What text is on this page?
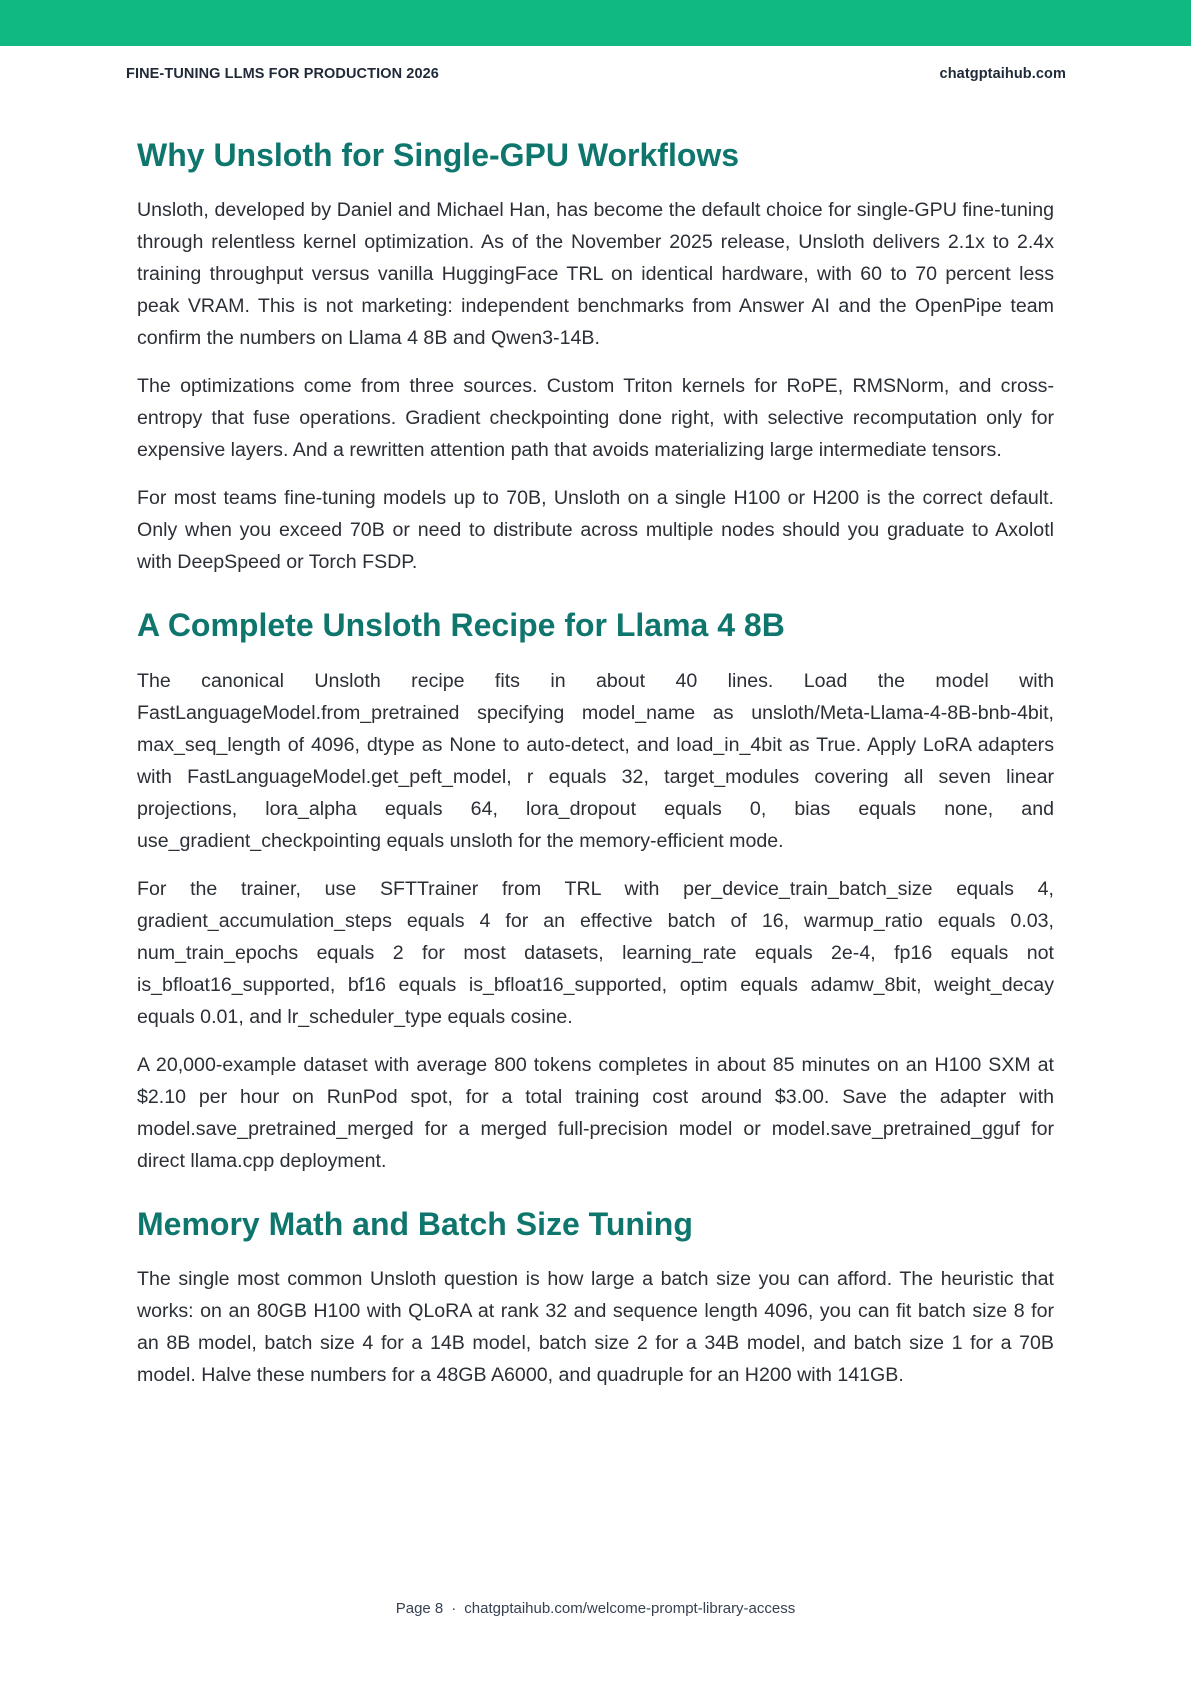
FINE-TUNING LLMS FOR PRODUCTION 2026	chatgptaihub.com
Why Unsloth for Single-GPU Workflows

Unsloth, developed by Daniel and Michael Han, has become the default choice for single-GPU fine-tuning through relentless kernel optimization. As of the November 2025 release, Unsloth delivers 2.1x to 2.4x training throughput versus vanilla HuggingFace TRL on identical hardware, with 60 to 70 percent less peak VRAM. This is not marketing: independent benchmarks from Answer AI and the OpenPipe team confirm the numbers on Llama 4 8B and Qwen3-14B.

The optimizations come from three sources. Custom Triton kernels for RoPE, RMSNorm, and cross-entropy that fuse operations. Gradient checkpointing done right, with selective recomputation only for expensive layers. And a rewritten attention path that avoids materializing large intermediate tensors.

For most teams fine-tuning models up to 70B, Unsloth on a single H100 or H200 is the correct default. Only when you exceed 70B or need to distribute across multiple nodes should you graduate to Axolotl with DeepSpeed or Torch FSDP.

A Complete Unsloth Recipe for Llama 4 8B

The canonical Unsloth recipe fits in about 40 lines. Load the model with FastLanguageModel.from_pretrained specifying model_name as unsloth/Meta-Llama-4-8B-bnb-4bit, max_seq_length of 4096, dtype as None to auto-detect, and load_in_4bit as True. Apply LoRA adapters with FastLanguageModel.get_peft_model, r equals 32, target_modules covering all seven linear projections, lora_alpha equals 64, lora_dropout equals 0, bias equals none, and use_gradient_checkpointing equals unsloth for the memory-efficient mode.

For the trainer, use SFTTrainer from TRL with per_device_train_batch_size equals 4, gradient_accumulation_steps equals 4 for an effective batch of 16, warmup_ratio equals 0.03, num_train_epochs equals 2 for most datasets, learning_rate equals 2e-4, fp16 equals not is_bfloat16_supported, bf16 equals is_bfloat16_supported, optim equals adamw_8bit, weight_decay equals 0.01, and lr_scheduler_type equals cosine.

A 20,000-example dataset with average 800 tokens completes in about 85 minutes on an H100 SXM at $2.10 per hour on RunPod spot, for a total training cost around $3.00. Save the adapter with model.save_pretrained_merged for a merged full-precision model or model.save_pretrained_gguf for direct llama.cpp deployment.

Memory Math and Batch Size Tuning

The single most common Unsloth question is how large a batch size you can afford. The heuristic that works: on an 80GB H100 with QLoRA at rank 32 and sequence length 4096, you can fit batch size 8 for an 8B model, batch size 4 for a 14B model, batch size 2 for a 34B model, and batch size 1 for a 70B model. Halve these numbers for a 48GB A6000, and quadruple for an H200 with 141GB.

Page 8 · chatgptaihub.com/welcome-prompt-library-access
